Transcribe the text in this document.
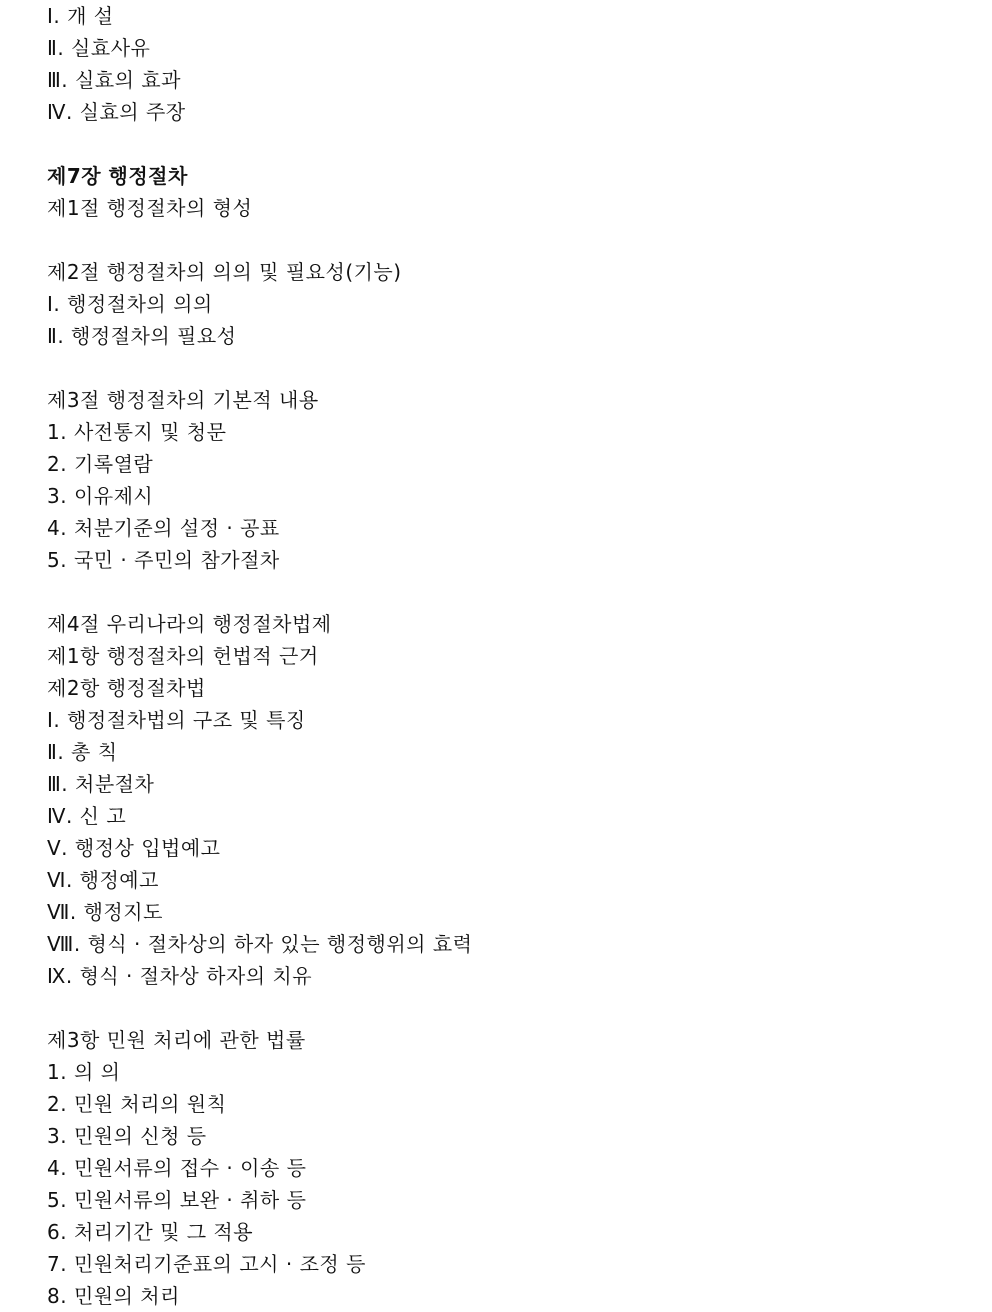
Ⅰ. 개 설
Ⅱ. 실효사유
Ⅲ. 실효의 효과
Ⅳ. 실효의 주장
제7장 행정절차
제1절 행정절차의 형성
제2절 행정절차의 의의 및 필요성(기능)
Ⅰ. 행정절차의 의의
Ⅱ. 행정절차의 필요성
제3절 행정절차의 기본적 내용
1. 사전통지 및 청문
2. 기록열람
3. 이유제시
4. 처분기준의 설정 · 공표
5. 국민 · 주민의 참가절차
제4절 우리나라의 행정절차법제
제1항 행정절차의 헌법적 근거
제2항 행정절차법
Ⅰ. 행정절차법의 구조 및 특징
Ⅱ. 총 칙
Ⅲ. 처분절차
Ⅳ. 신 고
Ⅴ. 행정상 입법예고
Ⅵ. 행정예고
Ⅶ. 행정지도
Ⅷ. 형식 · 절차상의 하자 있는 행정행위의 효력
Ⅸ. 형식 · 절차상 하자의 치유
제3항 민원 처리에 관한 법률
1. 의 의
2. 민원 처리의 원칙
3. 민원의 신청 등
4. 민원서류의 접수 · 이송 등
5. 민원서류의 보완 · 취하 등
6. 처리기간 및 그 적용
7. 민원처리기준표의 고시 · 조정 등
8. 민원의 처리
